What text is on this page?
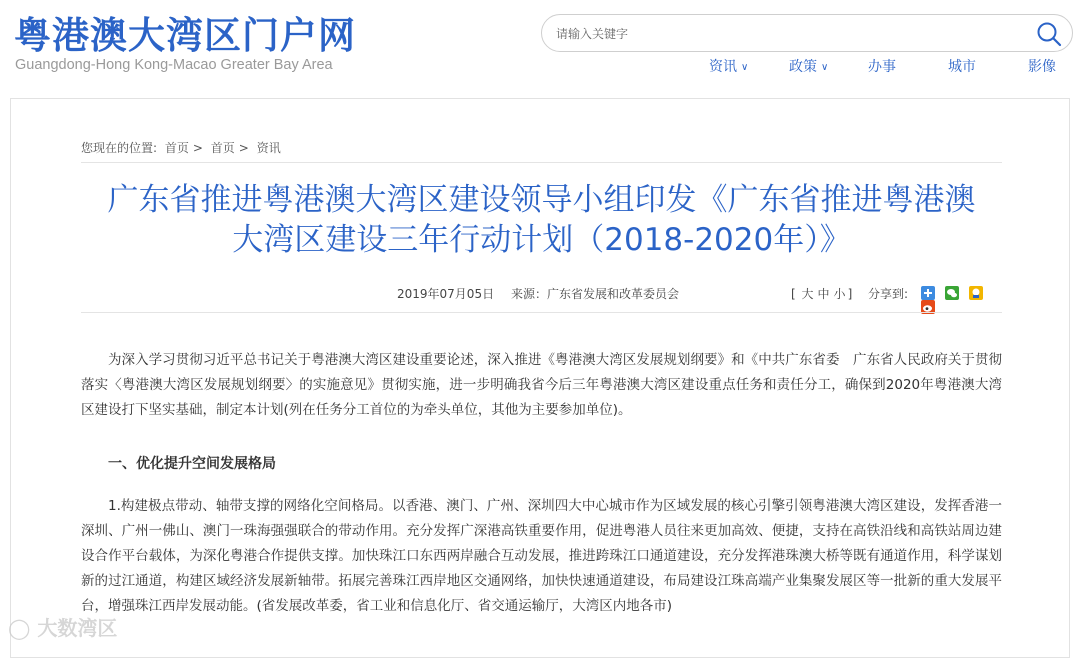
粤港澳大湾区门户网
Guangdong-Hong Kong-Macao Greater Bay Area
请输入关键字	资讯 ∨	政策 ∨	办事	城市	影像
您现在的位置: 首页 > 首页 > 资讯
广东省推进粤港澳大湾区建设领导小组印发《广东省推进粤港澳
大湾区建设三年行动计划（2018-2020年）》
2019年07月05日 来源：广东省发展和改革委员会	[ 大 中 小 ] 分享到:

为深入学习贯彻习近平总书记关于粤港澳大湾区建设重要论述，深入推进《粤港澳大湾区发展规划纲要》和《中共广东省委　广东省人民政府关于贯彻落实〈粤港澳大湾区发展规划纲要〉的实施意见》贯彻实施，进一步明确我省今后三年粤港澳大湾区建设重点任务和责任分工，确保到2020年粤港澳大湾区建设打下坚实基础，制定本计划(列在任务分工首位的为牵头单位，其他为主要参加单位)。
一、优化提升空间发展格局
1.构建极点带动、轴带支撑的网络化空间格局。以香港、澳门、广州、深圳四大中心城市作为区域发展的核心引擎引领粤港澳大湾区建设，发挥香港一深圳、广州一佛山、澳门一珠海强强联合的带动作用。充分发挥广深港高铁重要作用，促进粤港人员往来更加高效、便捷，支持在高铁沿线和高铁站周边建设合作平台载体，为深化粤港合作提供支撑。加快珠江口东西两岸融合互动发展，推进跨珠江口通道建设，充分发挥港珠澳大桥等既有通道作用，科学谋划新的过江通道，构建区域经济发展新轴带。拓展完善珠江西岸地区交通网络，加快快速通道建设，布局建设江珠高端产业集聚发展区等一批新的重大发展平台，增强珠江西岸发展动能。(省发展改革委，省工业和信息化厅、省交通运输厅，大湾区内地各市)
◯ 大数湾区
